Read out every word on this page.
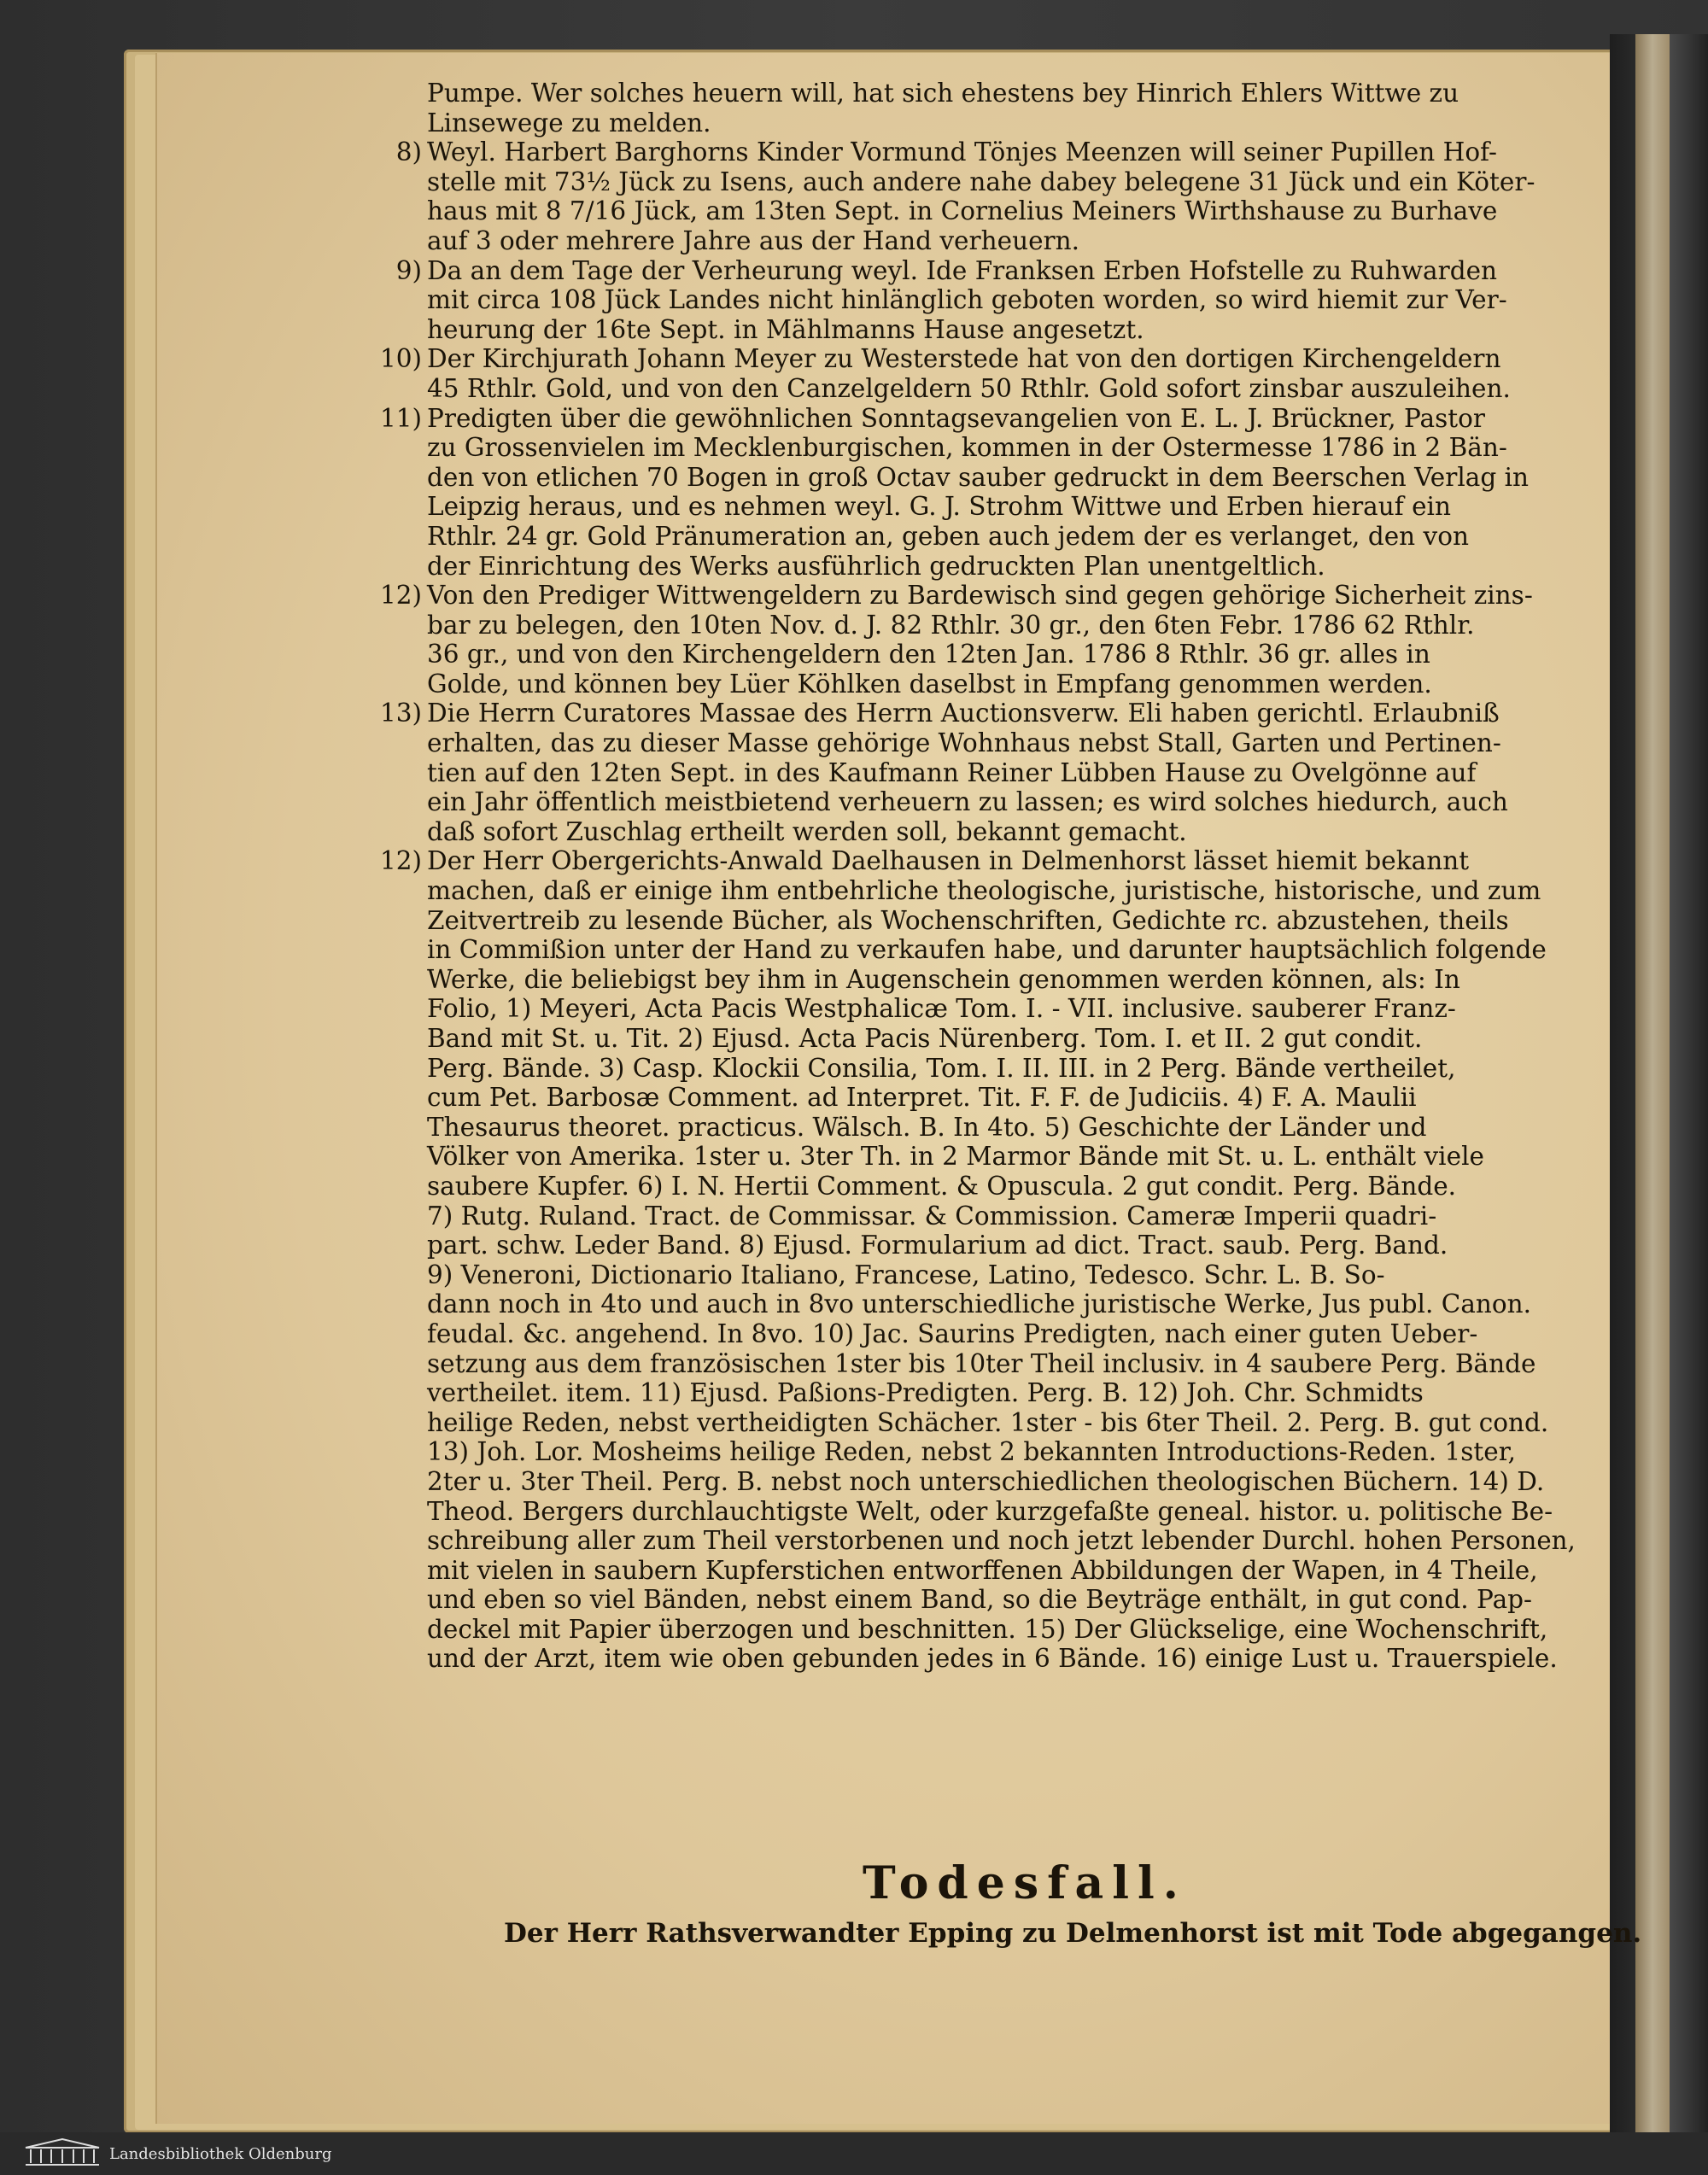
Pumpe. Wer solches heuern will, hat sich ehestens bey Hinrich Ehlers Wittwe zu
Linsewege zu melden.
8) Weyl. Harbert Barghorns Kinder Vormund Tönjes Meenzen will seiner Pupillen Hof-
stelle mit 73½ Jück zu Isens, auch andere nahe dabey belegene 31 Jück und ein Köter-
haus mit 8 7/16 Jück, am 13ten Sept. in Cornelius Meiners Wirthshause zu Burhave
auf 3 oder mehrere Jahre aus der Hand verheuern.
9) Da an dem Tage der Verheurung weyl. Ide Franksen Erben Hofstelle zu Ruhwarden
mit circa 108 Jück Landes nicht hinlänglich geboten worden, so wird hiemit zur Ver-
heurung der 16te Sept. in Mählmanns Hause angesetzt.
10) Der Kirchjurath Johann Meyer zu Westerstede hat von den dortigen Kirchengeldern
45 Rthlr. Gold, und von den Canzelgeldern 50 Rthlr. Gold sofort zinsbar auszuleihen.
11) Predigten über die gewöhnlichen Sonntagsevangelien von E. L. J. Brückner, Pastor
zu Grossenvielen im Mecklenburgischen, kommen in der Ostermesse 1786 in 2 Bän-
den von etlichen 70 Bogen in groß Octav sauber gedruckt in dem Beerschen Verlag in
Leipzig heraus, und es nehmen weyl. G. J. Strohm Wittwe und Erben hierauf ein
Rthlr. 24 gr. Gold Pränumeration an, geben auch jedem der es verlanget, den von
der Einrichtung des Werks ausführlich gedruckten Plan unentgeltlich.
12) Von den Prediger Wittwengeldern zu Bardewisch sind gegen gehörige Sicherheit zins-
bar zu belegen, den 10ten Nov. d. J. 82 Rthlr. 30 gr., den 6ten Febr. 1786 62 Rthlr.
36 gr., und von den Kirchengeldern den 12ten Jan. 1786 8 Rthlr. 36 gr. alles in
Golde, und können bey Lüer Köhlken daselbst in Empfang genommen werden.
13) Die Herrn Curatores Massae des Herrn Auctionsverw. Eli haben gerichtl. Erlaubniß
erhalten, das zu dieser Masse gehörige Wohnhaus nebst Stall, Garten und Pertinen-
tien auf den 12ten Sept. in des Kaufmann Reiner Lübben Hause zu Ovelgönne auf
ein Jahr öffentlich meistbietend verheuern zu lassen; es wird solches hiedurch, auch
daß sofort Zuschlag ertheilt werden soll, bekannt gemacht.
12) Der Herr Obergerichts-Anwald Daelhausen in Delmenhorst lässet hiemit bekannt
machen, daß er einige ihm entbehrliche theologische, juristische, historische, und zum
Zeitvertreib zu lesende Bücher, als Wochenschriften, Gedichte rc. abzustehen, theils
in Commißion unter der Hand zu verkaufen habe, und darunter hauptsächlich folgende
Werke, die beliebigst bey ihm in Augenschein genommen werden können, als: In
Folio, 1) Meyeri, Acta Pacis Westphalicæ Tom. I. - VII. inclusive. sauberer Franz-
Band mit St. u. Tit. 2) Ejusd. Acta Pacis Nürenberg. Tom. I. et II. 2 gut condit.
Perg. Bände. 3) Casp. Klockii Consilia, Tom. I. II. III. in 2 Perg. Bände vertheilet,
cum Pet. Barbosæ Comment. ad Interpret. Tit. F. F. de Judiciis. 4) F. A. Maulii
Thesaurus theoret. practicus. Wälsch. B. In 4to. 5) Geschichte der Länder und
Völker von Amerika. 1ster u. 3ter Th. in 2 Marmor Bände mit St. u. L. enthält viele
saubere Kupfer. 6) I. N. Hertii Comment. & Opuscula. 2 gut condit. Perg. Bände.
7) Rutg. Ruland. Tract. de Commissar. & Commission. Cameræ Imperii quadri-
part. schw. Leder Band. 8) Ejusd. Formularium ad dict. Tract. saub. Perg. Band.
9) Veneroni, Dictionario Italiano, Francese, Latino, Tedesco. Schr. L. B. So-
dann noch in 4to und auch in 8vo unterschiedliche juristische Werke, Jus publ. Canon.
feudal. &c. angehend. In 8vo. 10) Jac. Saurins Predigten, nach einer guten Ueber-
setzung aus dem französischen 1ster bis 10ter Theil inclusiv. in 4 saubere Perg. Bände
vertheilet. item. 11) Ejusd. Paßions-Predigten. Perg. B. 12) Joh. Chr. Schmidts
heilige Reden, nebst vertheidigten Schächer. 1ster - bis 6ter Theil. 2. Perg. B. gut cond.
13) Joh. Lor. Mosheims heilige Reden, nebst 2 bekannten Introductions-Reden. 1ster,
2ter u. 3ter Theil. Perg. B. nebst noch unterschiedlichen theologischen Büchern. 14) D.
Theod. Bergers durchlauchtigste Welt, oder kurzgefaßte geneal. histor. u. politische Be-
schreibung aller zum Theil verstorbenen und noch jetzt lebender Durchl. hohen Personen,
mit vielen in saubern Kupferstichen entworffenen Abbildungen der Wapen, in 4 Theile,
und eben so viel Bänden, nebst einem Band, so die Beyträge enthält, in gut cond. Pap-
deckel mit Papier überzogen und beschnitten. 15) Der Glückselige, eine Wochenschrift,
und der Arzt, item wie oben gebunden jedes in 6 Bände. 16) einige Lust u. Trauerspiele.
Todesfall.
Der Herr Rathsverwandter Epping zu Delmenhorst ist mit Tode abgegangen.
Landesbibliothek Oldenburg
